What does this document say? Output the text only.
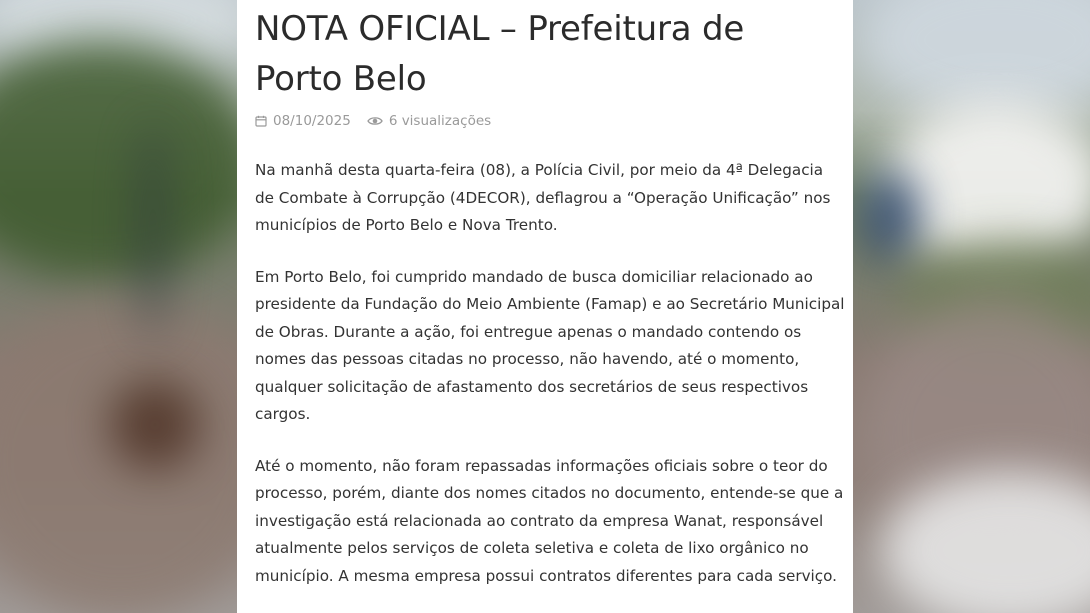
NOTA OFICIAL – Prefeitura de Porto Belo
08/10/2025	6 visualizações

Na manhã desta quarta-feira (08), a Polícia Civil, por meio da 4ª Delegacia de Combate à Corrupção (4DECOR), deflagrou a “Operação Unificação” nos municípios de Porto Belo e Nova Trento.

Em Porto Belo, foi cumprido mandado de busca domiciliar relacionado ao presidente da Fundação do Meio Ambiente (Famap) e ao Secretário Municipal de Obras. Durante a ação, foi entregue apenas o mandado contendo os nomes das pessoas citadas no processo, não havendo, até o momento, qualquer solicitação de afastamento dos secretários de seus respectivos cargos.

Até o momento, não foram repassadas informações oficiais sobre o teor do processo, porém, diante dos nomes citados no documento, entende-se que a investigação está relacionada ao contrato da empresa Wanat, responsável atualmente pelos serviços de coleta seletiva e coleta de lixo orgânico no município. A mesma empresa possui contratos diferentes para cada serviço.
